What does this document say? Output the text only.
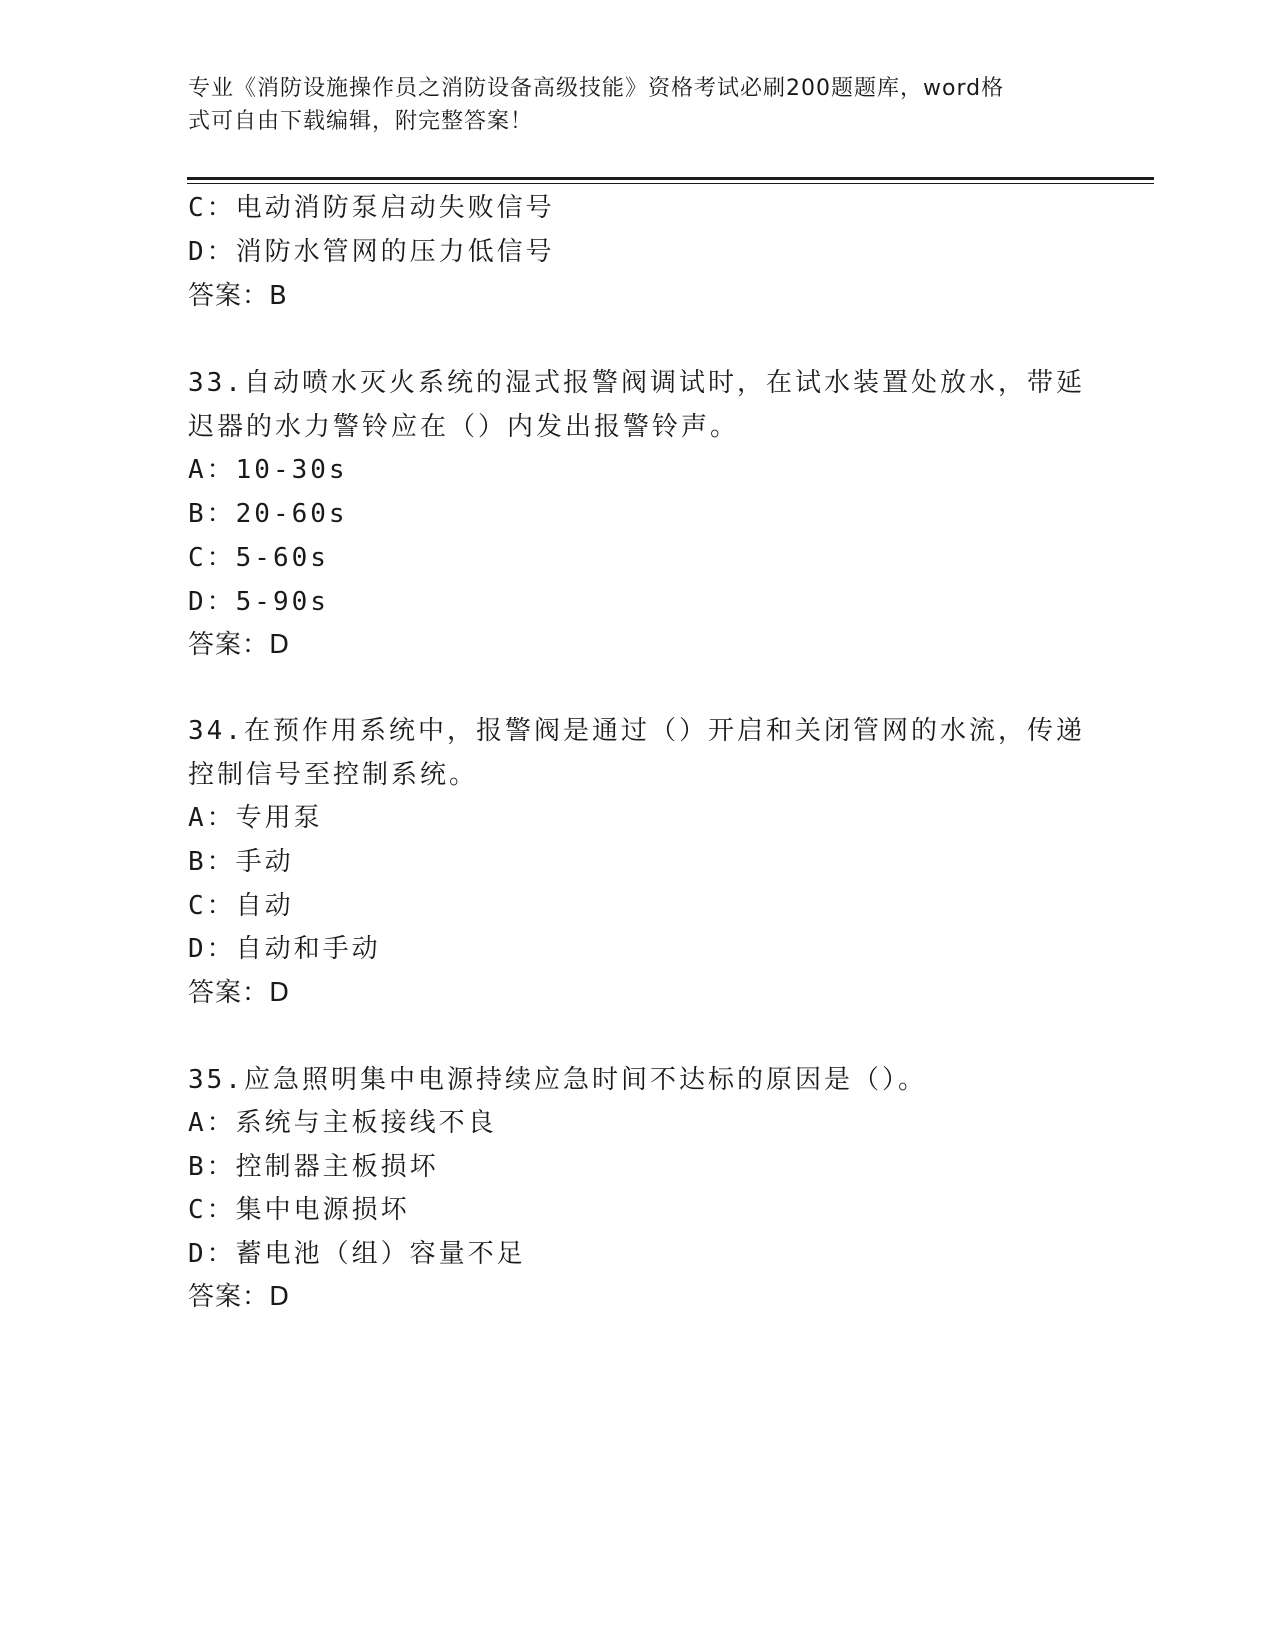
专业《消防设施操作员之消防设备高级技能》资格考试必刷200题题库，word格
式可自由下载编辑，附完整答案！
C：电动消防泵启动失败信号
D：消防水管网的压力低信号
答案：B
33.自动喷水灭火系统的湿式报警阀调试时，在试水装置处放水，带延
迟器的水力警铃应在（）内发出报警铃声。
A：10-30s
B：20-60s
C：5-60s
D：5-90s
答案：D
34.在预作用系统中，报警阀是通过（）开启和关闭管网的水流，传递
控制信号至控制系统。
A：专用泵
B：手动
C：自动
D：自动和手动
答案：D
35.应急照明集中电源持续应急时间不达标的原因是（）。
A：系统与主板接线不良
B：控制器主板损坏
C：集中电源损坏
D：蓄电池（组）容量不足
答案：D
